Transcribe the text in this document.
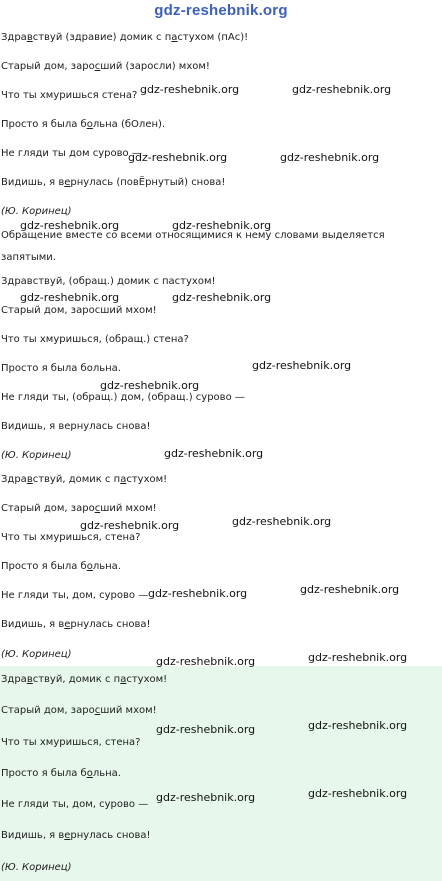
gdz-reshebnik.org
Здравствуй (здравие) домик с пастухом (пАс)!
Старый дом, заросший (заросли) мхом!
Что ты хмуришься стена?
Просто я была больна (бОлен).
Не гляди ты дом сурово —
Видишь, я вернулась (повЁрнутый) снова!
(Ю. Коринец)
Обращение вместе со всеми относящимися к нему словами выделяется
запятыми.
Здравствуй, (обращ.) домик с пастухом!
Старый дом, заросший мхом!
Что ты хмуришься, (обращ.) стена?
Просто я была больна.
Не гляди ты, (обращ.) дом, (обращ.) сурово —
Видишь, я вернулась снова!
(Ю. Коринец)
Здравствуй, домик с пастухом!
Старый дом, заросший мхом!
Что ты хмуришься, стена?
Просто я была больна.
Не гляди ты, дом, сурово —
Видишь, я вернулась снова!
(Ю. Коринец)
Здравствуй, домик с пастухом!
Старый дом, заросший мхом!
Что ты хмуришься, стена?
Просто я была больна.
Не гляди ты, дом, сурово —
Видишь, я вернулась снова!
(Ю. Коринец)
gdz-reshebnik.org	gdz-reshebnik.org
gdz-reshebnik.org	gdz-reshebnik.org
gdz-reshebnik.org	gdz-reshebnik.org
gdz-reshebnik.org	gdz-reshebnik.org
gdz-reshebnik.org
gdz-reshebnik.org
gdz-reshebnik.org
gdz-reshebnik.org
gdz-reshebnik.org
gdz-reshebnik.org
gdz-reshebnik.org
gdz-reshebnik.org
gdz-reshebnik.org
gdz-reshebnik.org
gdz-reshebnik.org
gdz-reshebnik.org
gdz-reshebnik.org
